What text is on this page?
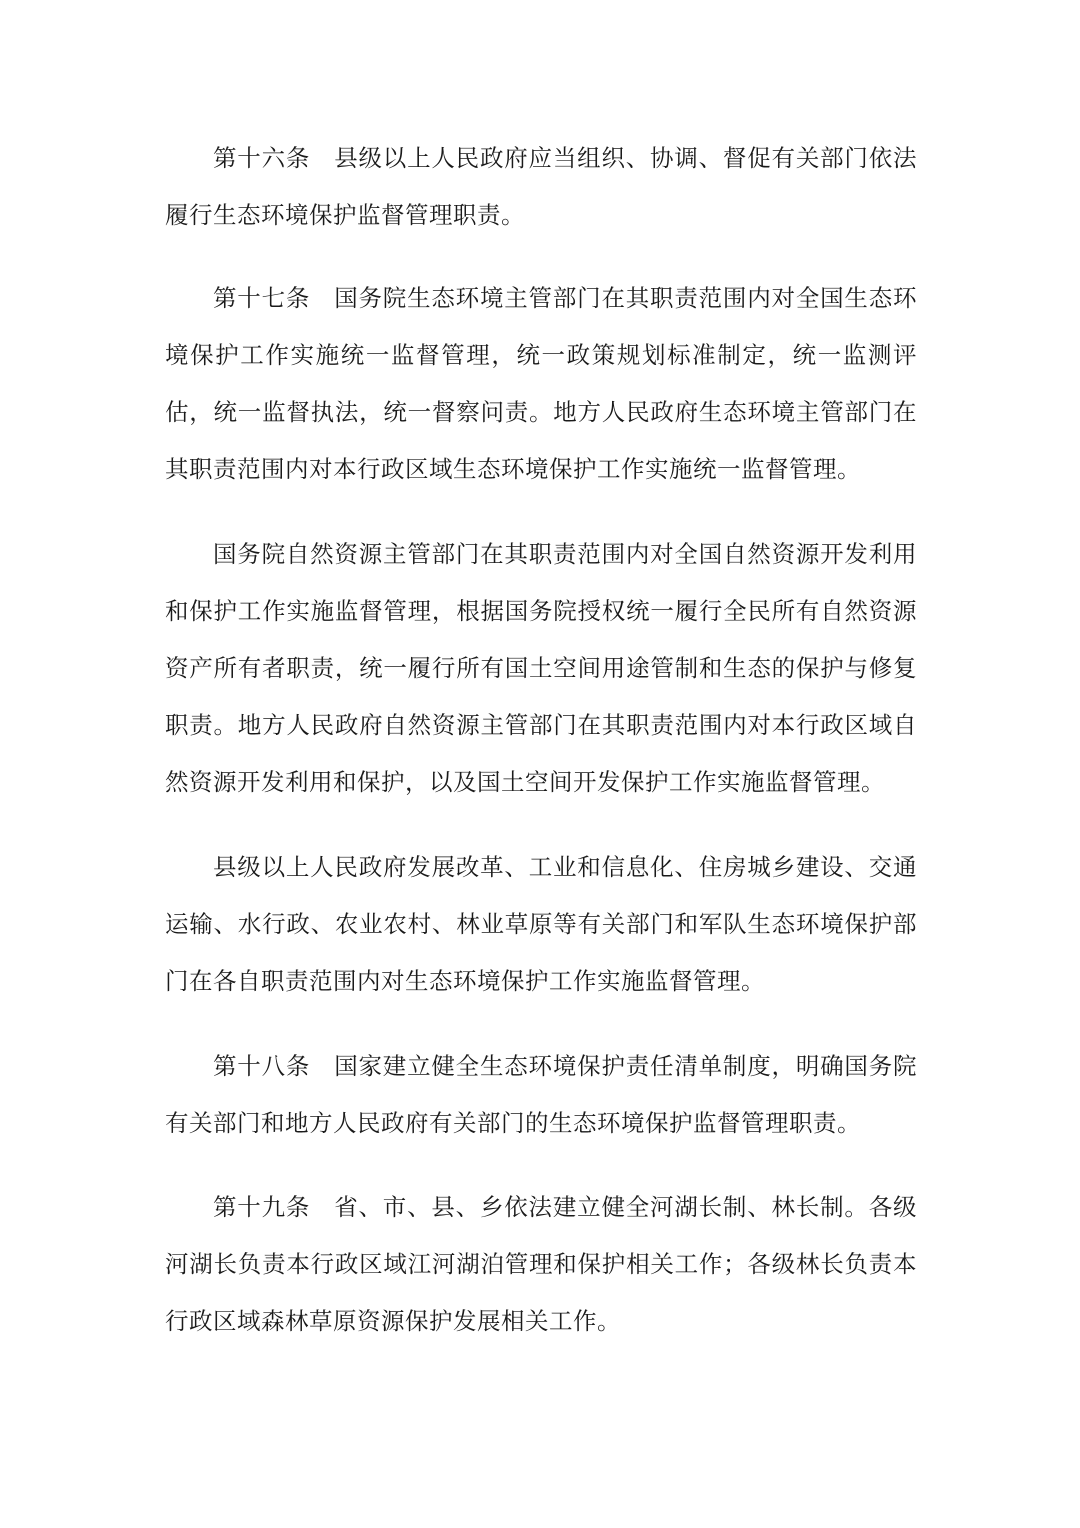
第十六条 县级以上人民政府应当组织、协调、督促有关部门依法履行生态环境保护监督管理职责。

第十七条 国务院生态环境主管部门在其职责范围内对全国生态环境保护工作实施统一监督管理，统一政策规划标准制定，统一监测评估，统一监督执法，统一督察问责。地方人民政府生态环境主管部门在其职责范围内对本行政区域生态环境保护工作实施统一监督管理。

国务院自然资源主管部门在其职责范围内对全国自然资源开发利用和保护工作实施监督管理，根据国务院授权统一履行全民所有自然资源资产所有者职责，统一履行所有国土空间用途管制和生态的保护与修复职责。地方人民政府自然资源主管部门在其职责范围内对本行政区域自然资源开发利用和保护，以及国土空间开发保护工作实施监督管理。

县级以上人民政府发展改革、工业和信息化、住房城乡建设、交通运输、水行政、农业农村、林业草原等有关部门和军队生态环境保护部门在各自职责范围内对生态环境保护工作实施监督管理。

第十八条 国家建立健全生态环境保护责任清单制度，明确国务院有关部门和地方人民政府有关部门的生态环境保护监督管理职责。

第十九条 省、市、县、乡依法建立健全河湖长制、林长制。各级河湖长负责本行政区域江河湖泊管理和保护相关工作；各级林长负责本行政区域森林草原资源保护发展相关工作。
